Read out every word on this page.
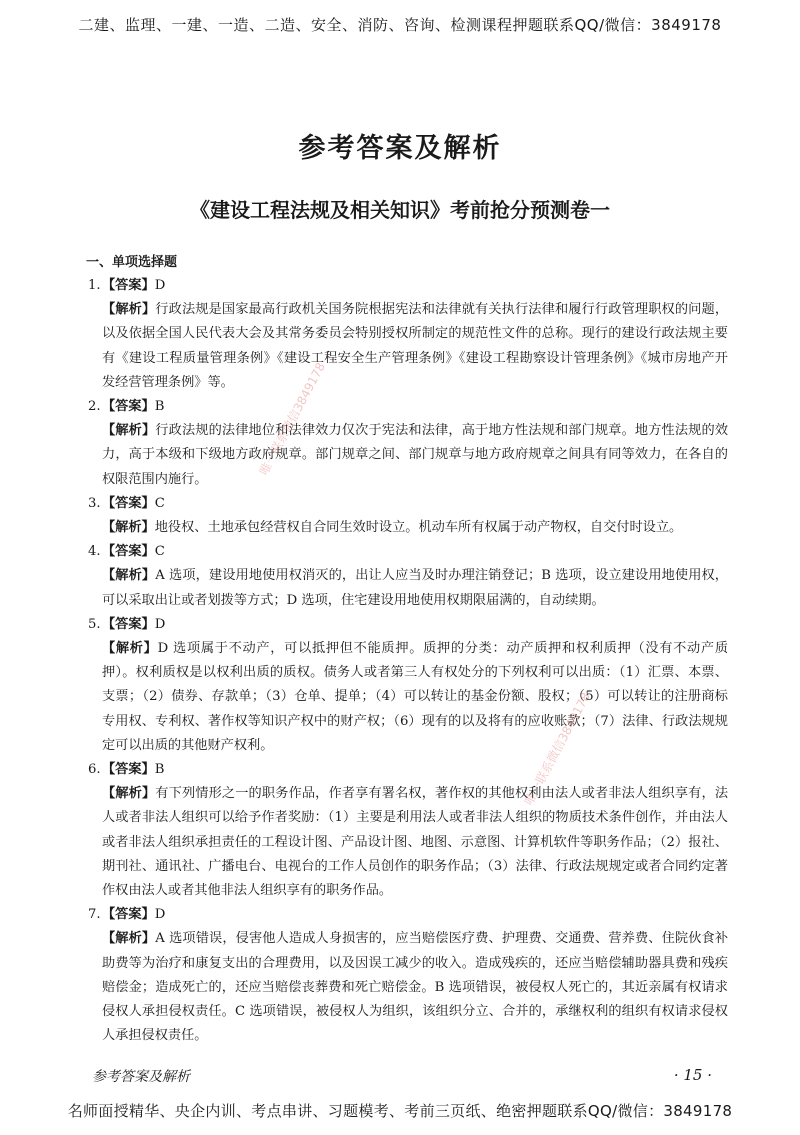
二建、监理、一建、一造、二造、安全、消防、咨询、检测课程押题联系QQ/微信：3849178
参考答案及解析
《建设工程法规及相关知识》考前抢分预测卷一
一、单项选择题
1.【答案】D
【解析】行政法规是国家最高行政机关国务院根据宪法和法律就有关执行法律和履行行政管理职权的问题，以及依据全国人民代表大会及其常务委员会特别授权所制定的规范性文件的总称。现行的建设行政法规主要有《建设工程质量管理条例》《建设工程安全生产管理条例》《建设工程勘察设计管理条例》《城市房地产开发经营管理条例》等。
2.【答案】B
【解析】行政法规的法律地位和法律效力仅次于宪法和法律，高于地方性法规和部门规章。地方性法规的效力，高于本级和下级地方政府规章。部门规章之间、部门规章与地方政府规章之间具有同等效力，在各自的权限范围内施行。
3.【答案】C
【解析】地役权、土地承包经营权自合同生效时设立。机动车所有权属于动产物权，自交付时设立。
4.【答案】C
【解析】A 选项，建设用地使用权消灭的，出让人应当及时办理注销登记；B 选项，设立建设用地使用权，可以采取出让或者划拨等方式；D 选项，住宅建设用地使用权期限届满的，自动续期。
5.【答案】D
【解析】D 选项属于不动产，可以抵押但不能质押。质押的分类：动产质押和权利质押（没有不动产质押）。权利质权是以权利出质的质权。债务人或者第三人有权处分的下列权利可以出质：（1）汇票、本票、支票；（2）债券、存款单；（3）仓单、提单；（4）可以转让的基金份额、股权；（5）可以转让的注册商标专用权、专利权、著作权等知识产权中的财产权；（6）现有的以及将有的应收账款；（7）法律、行政法规规定可以出质的其他财产权利。
6.【答案】B
【解析】有下列情形之一的职务作品，作者享有署名权，著作权的其他权利由法人或者非法人组织享有，法人或者非法人组织可以给予作者奖励：（1）主要是利用法人或者非法人组织的物质技术条件创作，并由法人或者非法人组织承担责任的工程设计图、产品设计图、地图、示意图、计算机软件等职务作品；（2）报社、期刊社、通讯社、广播电台、电视台的工作人员创作的职务作品；（3）法律、行政法规规定或者合同约定著作权由法人或者其他非法人组织享有的职务作品。
7.【答案】D
【解析】A 选项错误，侵害他人造成人身损害的，应当赔偿医疗费、护理费、交通费、营养费、住院伙食补助费等为治疗和康复支出的合理费用，以及因误工减少的收入。造成残疾的，还应当赔偿辅助器具费和残疾赔偿金；造成死亡的，还应当赔偿丧葬费和死亡赔偿金。B 选项错误，被侵权人死亡的，其近亲属有权请求侵权人承担侵权责任。C 选项错误，被侵权人为组织，该组织分立、合并的，承继权利的组织有权请求侵权人承担侵权责任。
参考答案及解析	· 15 ·
名师面授精华、央企内训、考点串讲、习题模考、考前三页纸、绝密押题联系QQ/微信：3849178
唯一联系微信3849178
唯一联系微信3849178
